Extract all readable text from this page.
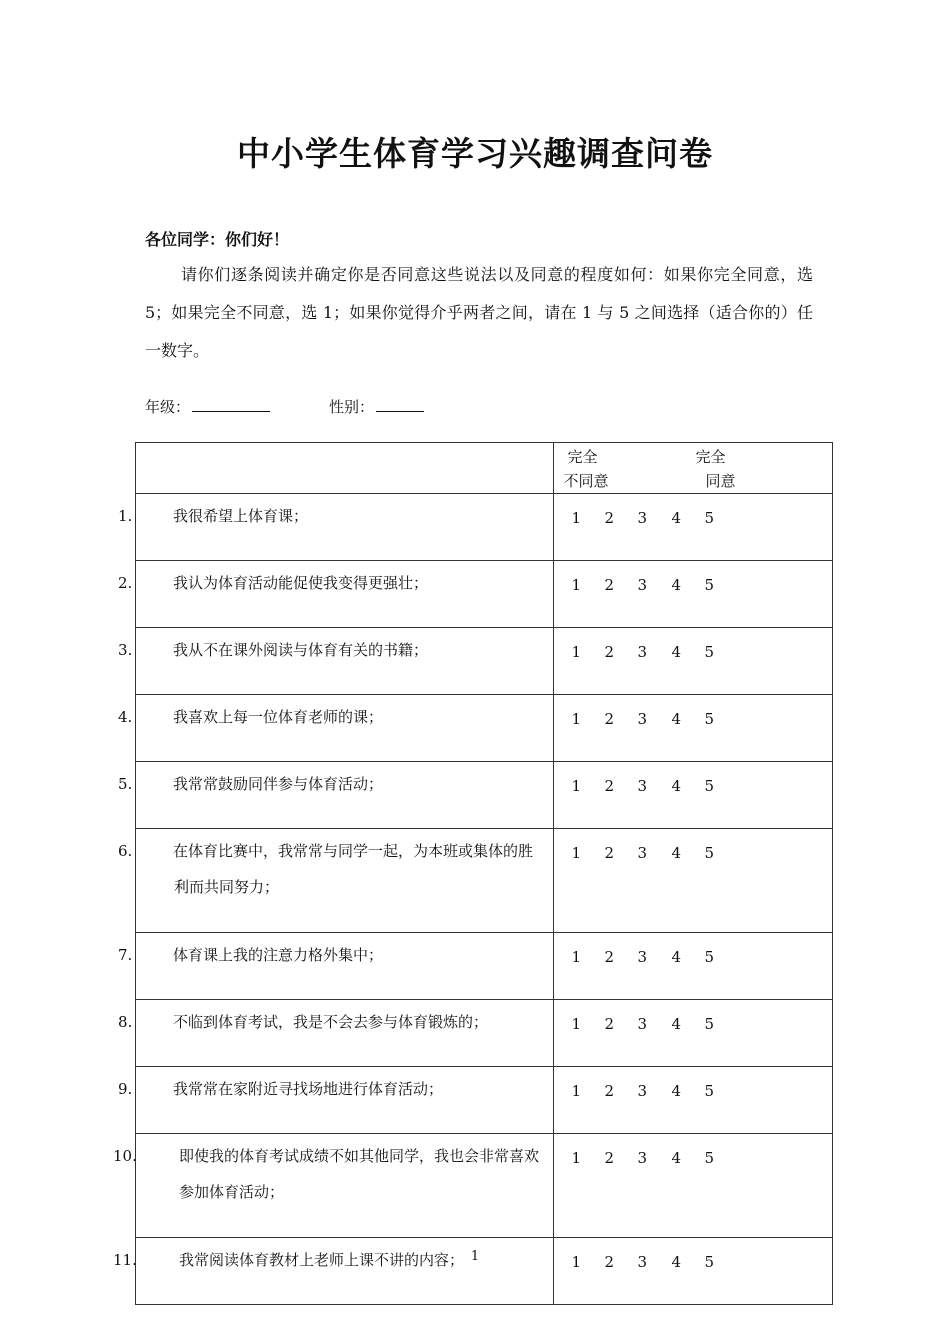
中小学生体育学习兴趣调查问卷
各位同学：你们好！
请你们逐条阅读并确定你是否同意这些说法以及同意的程度如何：如果你完全同意，选 5；如果完全不同意，选 1；如果你觉得介乎两者之间，请在 1 与 5 之间选择（适合你的）任一数字。
年级：	性别：

	完全
不同意
完全
同意

1. 我很希望上体育课；	1 2 3 4 5

2. 我认为体育活动能促使我变得更强壮；	1 2 3 4 5

3. 我从不在课外阅读与体育有关的书籍；	1 2 3 4 5

4. 我喜欢上每一位体育老师的课；	1 2 3 4 5

5. 我常常鼓励同伴参与体育活动；	1 2 3 4 5

6. 在体育比赛中，我常常与同学一起，为本班或集体的胜利而共同努力；	1 2 3 4 5

7. 体育课上我的注意力格外集中；	1 2 3 4 5

8. 不临到体育考试，我是不会去参与体育锻炼的；	1 2 3 4 5

9. 我常常在家附近寻找场地进行体育活动；	1 2 3 4 5

10. 即使我的体育考试成绩不如其他同学，我也会非常喜欢参加体育活动；	1 2 3 4 5

11. 我常阅读体育教材上老师上课不讲的内容；	1 2 3 4 5
1
